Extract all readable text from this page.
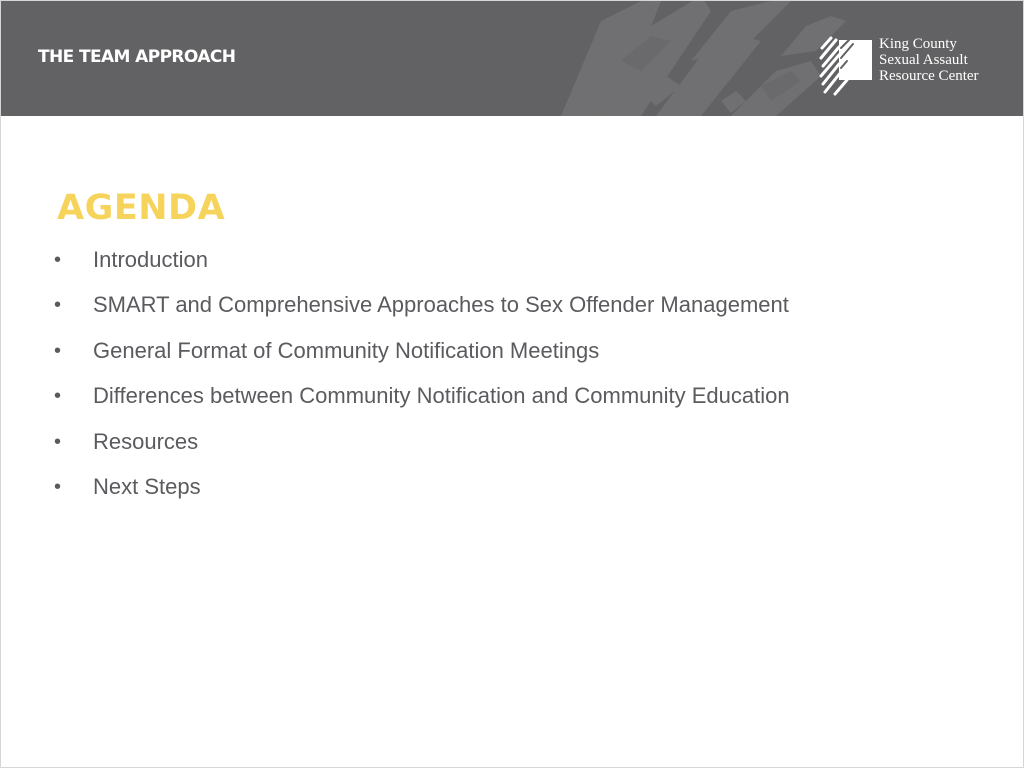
THE TEAM APPROACH
King County
Sexual Assault
Resource Center
AGENDA
•	Introduction
•	SMART and Comprehensive Approaches to Sex Offender Management
•	General Format of Community Notification Meetings
•	Differences between Community Notification and Community Education
•	Resources
•	Next Steps
